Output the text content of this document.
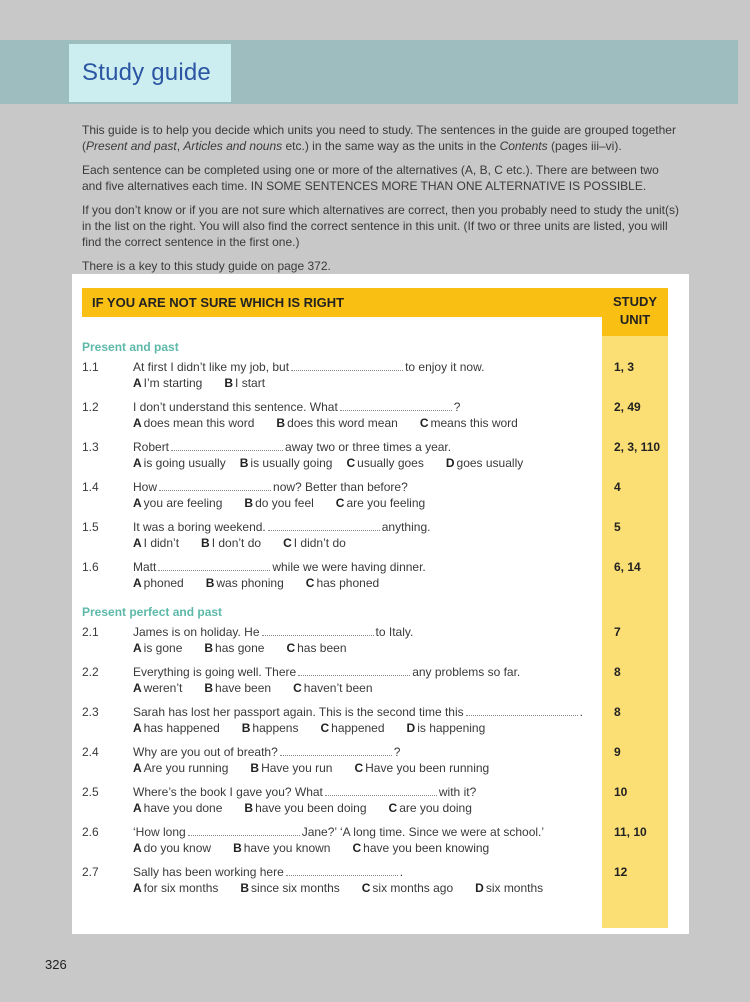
Study guide

This guide is to help you decide which units you need to study. The sentences in the guide are grouped together (Present and past, Articles and nouns etc.) in the same way as the units in the Contents (pages iii–vi).

Each sentence can be completed using one or more of the alternatives (A, B, C etc.). There are between two and five alternatives each time. IN SOME SENTENCES MORE THAN ONE ALTERNATIVE IS POSSIBLE.

If you don’t know or if you are not sure which alternatives are correct, then you probably need to study the unit(s) in the list on the right. You will also find the correct sentence in this unit. (If two or three units are listed, you will find the correct sentence in the first one.)

There is a key to this study guide on page 372.

IF YOU ARE NOT SURE WHICH IS RIGHT	STUDY
UNIT
Present and past
Present perfect and past
1.1	At first I didn’t like my job, but	to enjoy it now.
A I’m starting B I start
1, 3
1.2	I don’t understand this sentence. What	?
A does mean this word B does this word mean C means this word
2, 49
1.3	Robert	away two or three times a year.
A is going usually B is usually going C usually goes D goes usually
2, 3, 110
1.4	How	now? Better than before?
A you are feeling B do you feel C are you feeling
4
1.5	It was a boring weekend.	anything.
A I didn’t B I don’t do C I didn’t do
5
1.6	Matt	while we were having dinner.
A phoned B was phoning C has phoned
6, 14
2.1	James is on holiday. He	to Italy.
A is gone B has gone C has been
7
2.2	Everything is going well. There	any problems so far.
A weren’t B have been C haven’t been
8
2.3	Sarah has lost her passport again. This is the second time this	.
A has happened B happens C happened D is happening
8
2.4	Why are you out of breath?	?
A Are you running B Have you run C Have you been running
9
2.5	Where’s the book I gave you? What	with it?
A have you done B have you been doing C are you doing
10
2.6	‘How long	Jane?’ ‘A long time. Since we were at school.’
A do you know B have you known C have you been knowing
11, 10
2.7	Sally has been working here	.
A for six months B since six months C six months ago D six months
12
326
